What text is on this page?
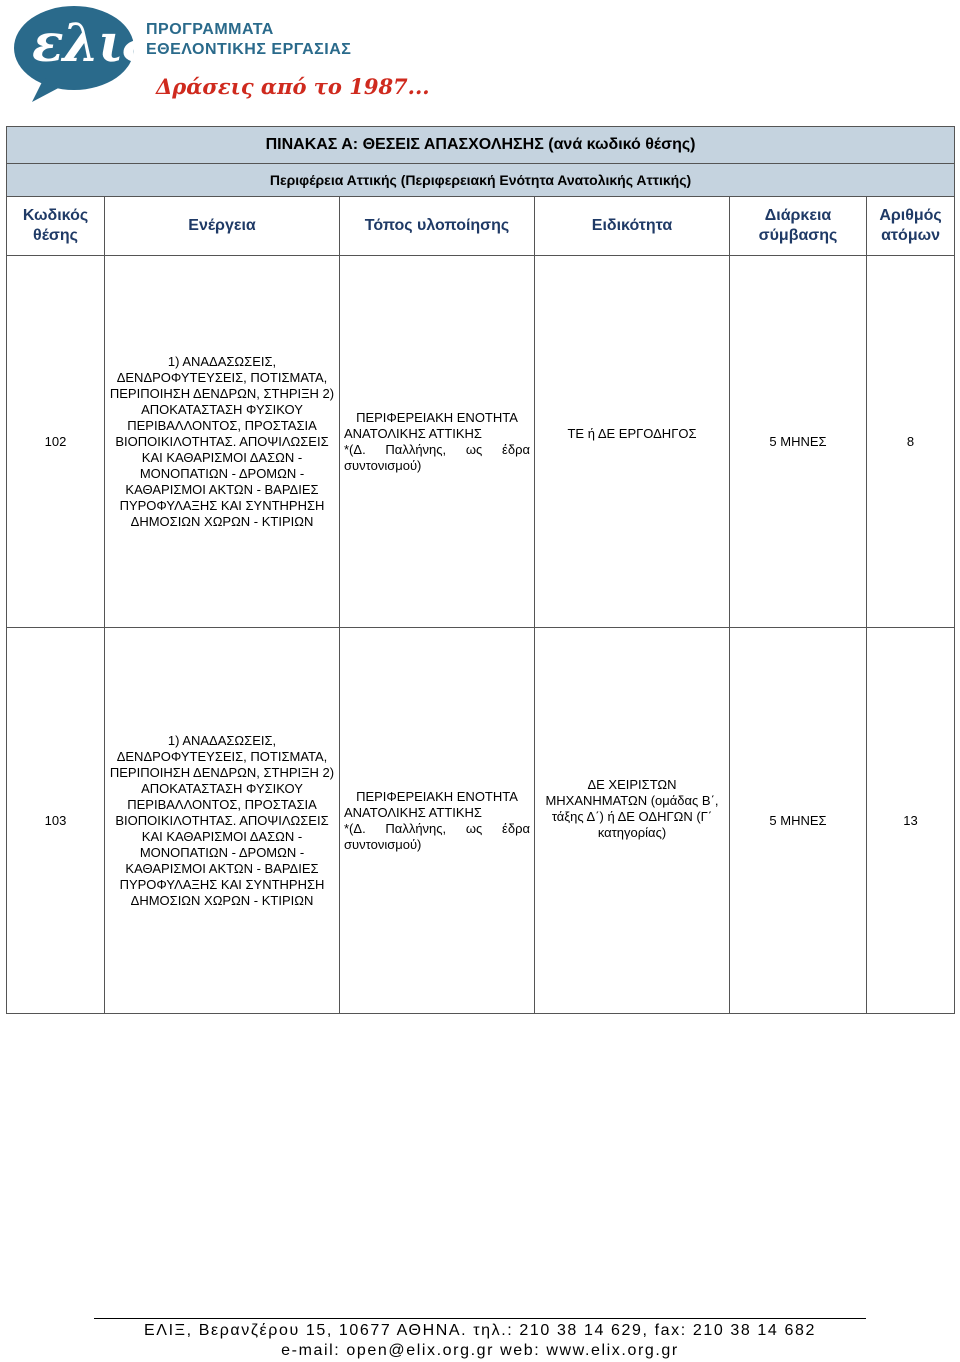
ελιξ
ΠΡΟΓΡΑΜΜΑΤΑ
ΕΘΕΛΟΝΤΙΚΗΣ ΕΡΓΑΣΙΑΣ
Δράσεις από το 1987...
ΠΙΝΑΚΑΣ Α: ΘΕΣΕΙΣ ΑΠΑΣΧΟΛΗΣΗΣ (ανά κωδικό θέσης)					
Περιφέρεια Αττικής (Περιφερειακή Ενότητα Ανατολικής Αττικής)					
Κωδικός θέσης	Ενέργεια	Τόπος υλοποίησης	Ειδικότητα	Διάρκεια σύμβασης	Αριθμός ατόμων
102	1) ΑΝΑΔΑΣΩΣΕΙΣ, ΔΕΝΔΡΟΦΥΤΕΥΣΕΙΣ, ΠΟΤΙΣΜΑΤΑ, ΠΕΡΙΠΟΙΗΣΗ ΔΕΝΔΡΩΝ, ΣΤΗΡΙΞΗ 2) ΑΠΟΚΑΤΑΣΤΑΣΗ ΦΥΣΙΚΟΥ ΠΕΡΙΒΑΛΛΟΝΤΟΣ, ΠΡΟΣΤΑΣΙΑ ΒΙΟΠΟΙΚΙΛΟΤΗΤΑΣ. ΑΠΟΨΙΛΩΣΕΙΣ ΚΑΙ ΚΑΘΑΡΙΣΜΟΙ ΔΑΣΩΝ - ΜΟΝΟΠΑΤΙΩΝ - ΔΡΟΜΩΝ - ΚΑΘΑΡΙΣΜΟΙ ΑΚΤΩΝ - ΒΑΡΔΙΕΣ ΠΥΡΟΦΥΛΑΞΗΣ ΚΑΙ ΣΥΝΤΗΡΗΣΗ ΔΗΜΟΣΙΩΝ ΧΩΡΩΝ - ΚΤΙΡΙΩΝ	ΠΕΡΙΦΕΡΕΙΑΚΗ ΕΝΟΤΗΤΑ ΑΝΑΤΟΛΙΚΗΣ ΑΤΤΙΚΗΣ
*(Δ. Παλλήνης, ως έδρα συντονισμού)	ΤΕ ή ΔΕ ΕΡΓΟΔΗΓΟΣ	5 ΜΗΝΕΣ	8
103	1) ΑΝΑΔΑΣΩΣΕΙΣ, ΔΕΝΔΡΟΦΥΤΕΥΣΕΙΣ, ΠΟΤΙΣΜΑΤΑ, ΠΕΡΙΠΟΙΗΣΗ ΔΕΝΔΡΩΝ, ΣΤΗΡΙΞΗ 2) ΑΠΟΚΑΤΑΣΤΑΣΗ ΦΥΣΙΚΟΥ ΠΕΡΙΒΑΛΛΟΝΤΟΣ, ΠΡΟΣΤΑΣΙΑ ΒΙΟΠΟΙΚΙΛΟΤΗΤΑΣ. ΑΠΟΨΙΛΩΣΕΙΣ ΚΑΙ ΚΑΘΑΡΙΣΜΟΙ ΔΑΣΩΝ - ΜΟΝΟΠΑΤΙΩΝ - ΔΡΟΜΩΝ - ΚΑΘΑΡΙΣΜΟΙ ΑΚΤΩΝ - ΒΑΡΔΙΕΣ ΠΥΡΟΦΥΛΑΞΗΣ ΚΑΙ ΣΥΝΤΗΡΗΣΗ ΔΗΜΟΣΙΩΝ ΧΩΡΩΝ - ΚΤΙΡΙΩΝ	ΠΕΡΙΦΕΡΕΙΑΚΗ ΕΝΟΤΗΤΑ ΑΝΑΤΟΛΙΚΗΣ ΑΤΤΙΚΗΣ
*(Δ. Παλλήνης, ως έδρα συντονισμού)	ΔΕ ΧΕΙΡΙΣΤΩΝ ΜΗΧΑΝΗΜΑΤΩΝ (ομάδας Β΄, τάξης Δ΄) ή ΔΕ ΟΔΗΓΩΝ (Γ΄ κατηγορίας)	5 ΜΗΝΕΣ	13
ΕΛΙΞ, Βερανζέρου 15, 10677 ΑΘΗΝΑ. τηλ.: 210 38 14 629, fax: 210 38 14 682
e-mail: open@elix.org.gr web: www.elix.org.gr
